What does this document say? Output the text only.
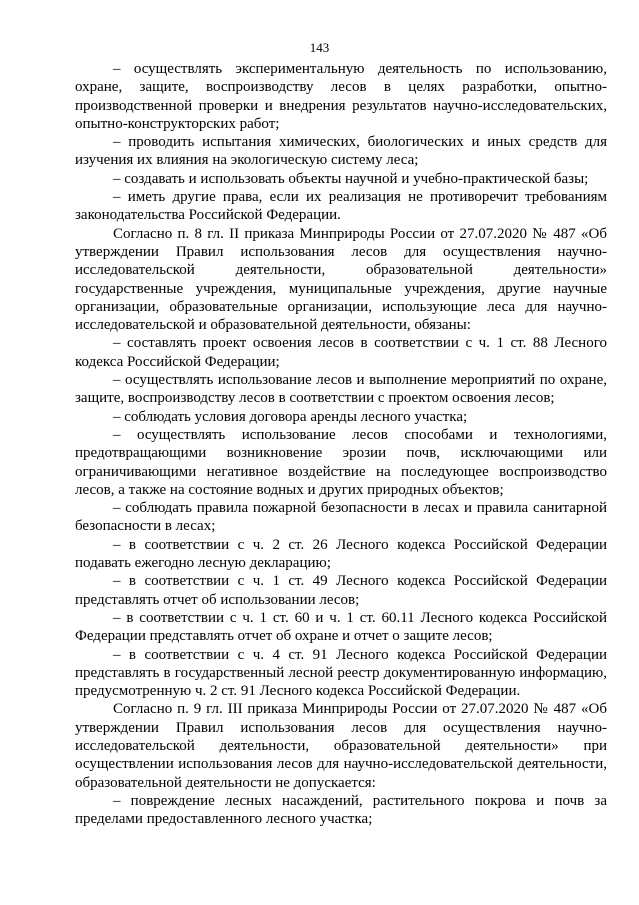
143

– осуществлять экспериментальную деятельность по использованию, охране, защите, воспроизводству лесов в целях разработки, опытно-производственной проверки и внедрения результатов научно-исследовательских, опытно-конструкторских работ;

– проводить испытания химических, биологических и иных средств для изучения их влияния на экологическую систему леса;

– создавать и использовать объекты научной и учебно-практической базы;

– иметь другие права, если их реализация не противоречит требованиям законодательства Российской Федерации.

Согласно п. 8 гл. II приказа Минприроды России от 27.07.2020 № 487 «Об утверждении Правил использования лесов для осуществления научно-исследовательской деятельности, образовательной деятельности» государственные учреждения, муниципальные учреждения, другие научные организации, образовательные организации, использующие леса для научно-исследовательской и образовательной деятельности, обязаны:

– составлять проект освоения лесов в соответствии с ч. 1 ст. 88 Лесного кодекса Российской Федерации;

– осуществлять использование лесов и выполнение мероприятий по охране, защите, воспроизводству лесов в соответствии с проектом освоения лесов;

– соблюдать условия договора аренды лесного участка;

– осуществлять использование лесов способами и технологиями, предотвращающими возникновение эрозии почв, исключающими или ограничивающими негативное воздействие на последующее воспроизводство лесов, а также на состояние водных и других природных объектов;

– соблюдать правила пожарной безопасности в лесах и правила санитарной безопасности в лесах;

– в соответствии с ч. 2 ст. 26 Лесного кодекса Российской Федерации подавать ежегодно лесную декларацию;

– в соответствии с ч. 1 ст. 49 Лесного кодекса Российской Федерации представлять отчет об использовании лесов;

– в соответствии с ч. 1 ст. 60 и ч. 1 ст. 60.11 Лесного кодекса Российской Федерации представлять отчет об охране и отчет о защите лесов;

– в соответствии с ч. 4 ст. 91 Лесного кодекса Российской Федерации представлять в государственный лесной реестр документированную информацию, предусмотренную ч. 2 ст. 91 Лесного кодекса Российской Федерации.

Согласно п. 9 гл. III приказа Минприроды России от 27.07.2020 № 487 «Об утверждении Правил использования лесов для осуществления научно-исследовательской деятельности, образовательной деятельности» при осуществлении использования лесов для научно-исследовательской деятельности, образовательной деятельности не допускается:

– повреждение лесных насаждений, растительного покрова и почв за пределами предоставленного лесного участка;
